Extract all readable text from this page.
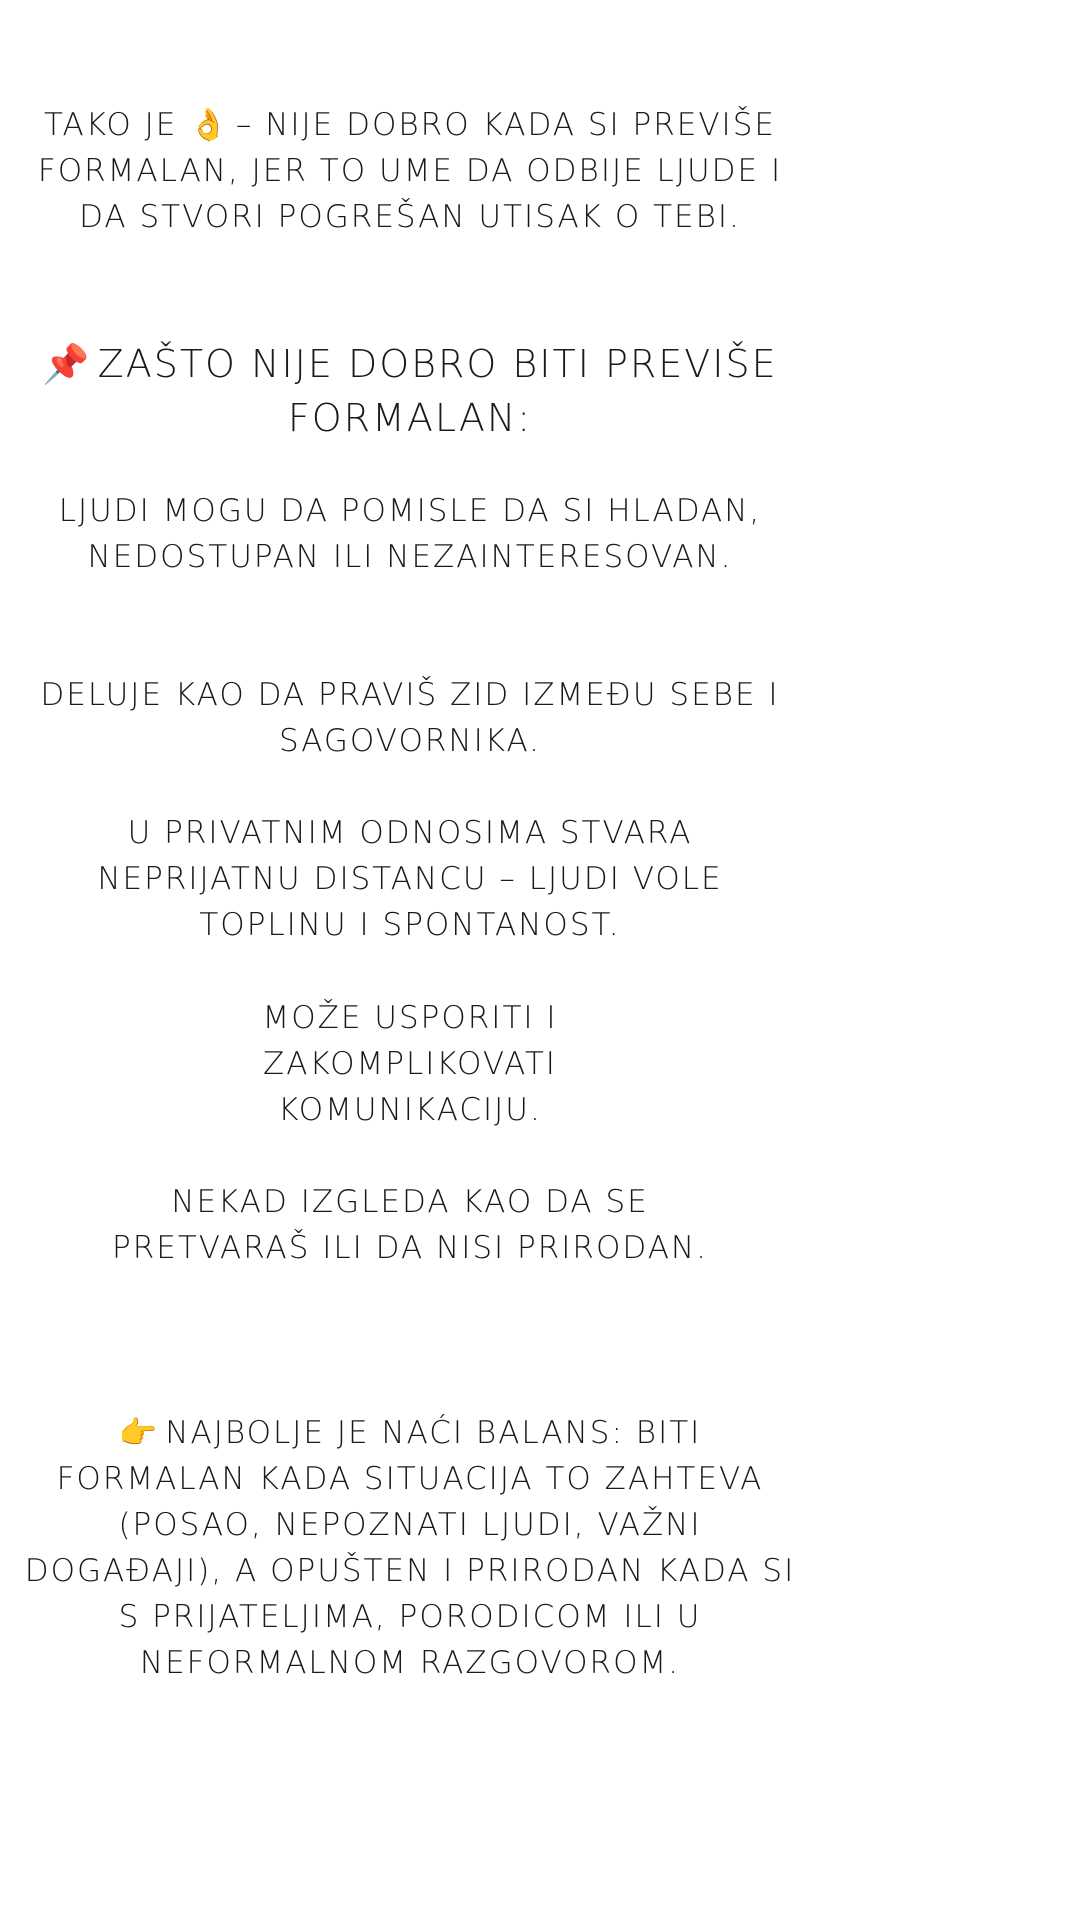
TAKO JE 👌 – NIJE DOBRO KADA SI PREVIŠE FORMALAN, JER TO UME DA ODBIJE LJUDE I DA STVORI POGREŠAN UTISAK O TEBI.

📌 ZAŠTO NIJE DOBRO BITI PREVIŠE FORMALAN:

LJUDI MOGU DA POMISLE DA SI HLADAN, NEDOSTUPAN ILI NEZAINTERESOVAN.

DELUJE KAO DA PRAVIŠ ZID IZMEĐU SEBE I SAGOVORNIKA.

U PRIVATNIM ODNOSIMA STVARA NEPRIJATNU DISTANCU – LJUDI VOLE TOPLINU I SPONTANOST.

MOŽE USPORITI I ZAKOMPLIKOVATI KOMUNIKACIJU.

NEKAD IZGLEDA KAO DA SE PRETVARAŠ ILI DA NISI PRIRODAN.

👉 NAJBOLJE JE NAĆI BALANS: BITI FORMALAN KADA SITUACIJA TO ZAHTEVA (POSAO, NEPOZNATI LJUDI, VAŽNI DOGAĐAJI), A OPUŠTEN I PRIRODAN KADA SI S PRIJATELJIMA, PORODICOM ILI U NEFORMALNOM RAZGOVOROM.
